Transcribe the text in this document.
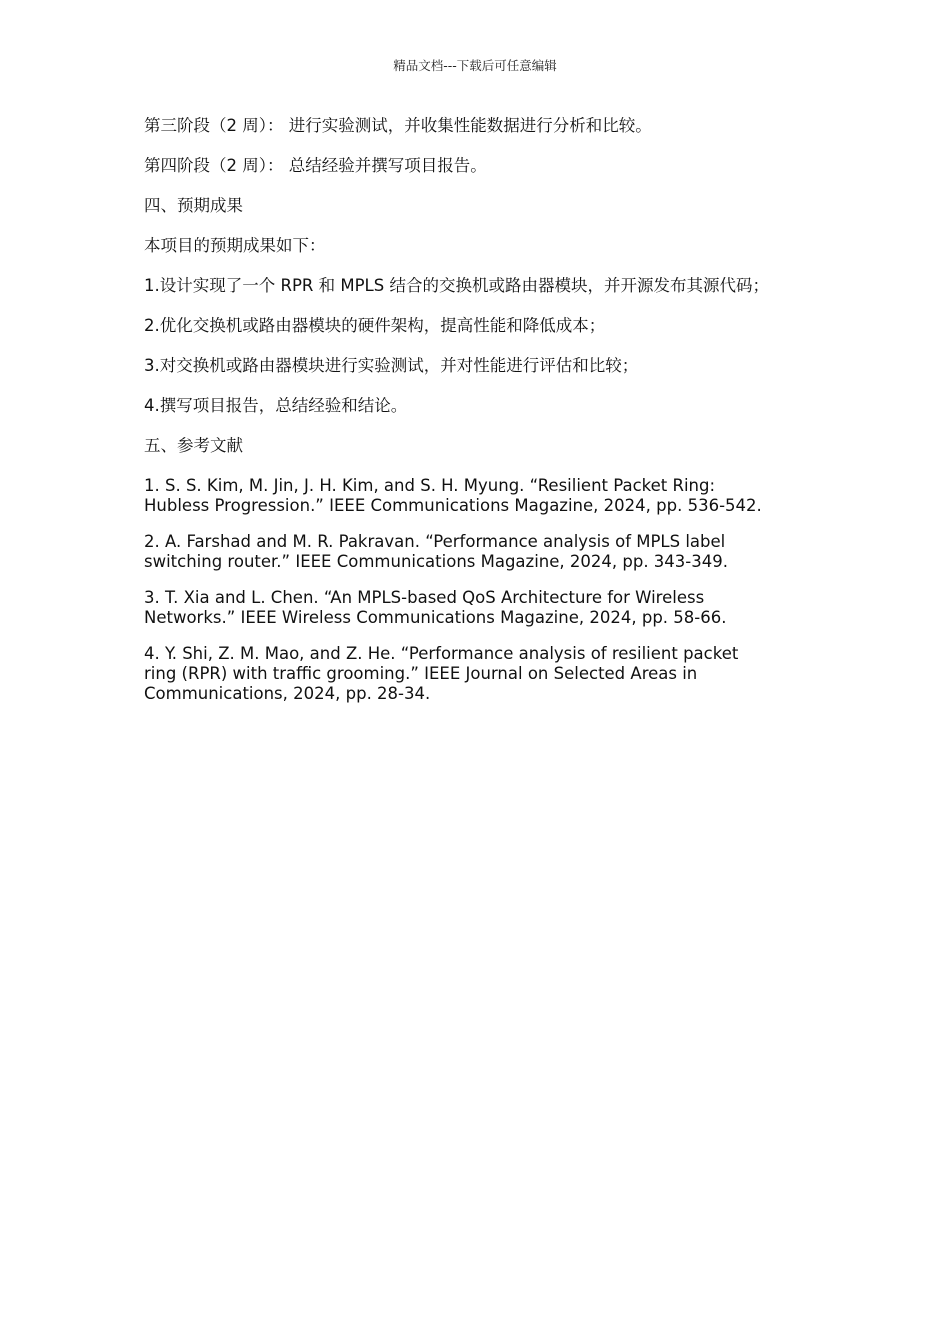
精品文档---下载后可任意编辑

第三阶段（2 周）： 进行实验测试，并收集性能数据进行分析和比较。

第四阶段（2 周）： 总结经验并撰写项目报告。

四、预期成果

本项目的预期成果如下：

1.设计实现了一个 RPR 和 MPLS 结合的交换机或路由器模块，并开源发布其源代码；

2.优化交换机或路由器模块的硬件架构，提高性能和降低成本；

3.对交换机或路由器模块进行实验测试，并对性能进行评估和比较；

4.撰写项目报告，总结经验和结论。

五、参考文献

1. S. S. Kim, M. Jin, J. H. Kim, and S. H. Myung. “Resilient Packet Ring:
Hubless Progression.” IEEE Communications Magazine, 2024, pp. 536-542.
2. A. Farshad and M. R. Pakravan. “Performance analysis of MPLS label
switching router.” IEEE Communications Magazine, 2024, pp. 343-349.
3. T. Xia and L. Chen. “An MPLS-based QoS Architecture for Wireless
Networks.” IEEE Wireless Communications Magazine, 2024, pp. 58-66.
4. Y. Shi, Z. M. Mao, and Z. He. “Performance analysis of resilient packet
ring (RPR) with traffic grooming.” IEEE Journal on Selected Areas in
Communications, 2024, pp. 28-34.
